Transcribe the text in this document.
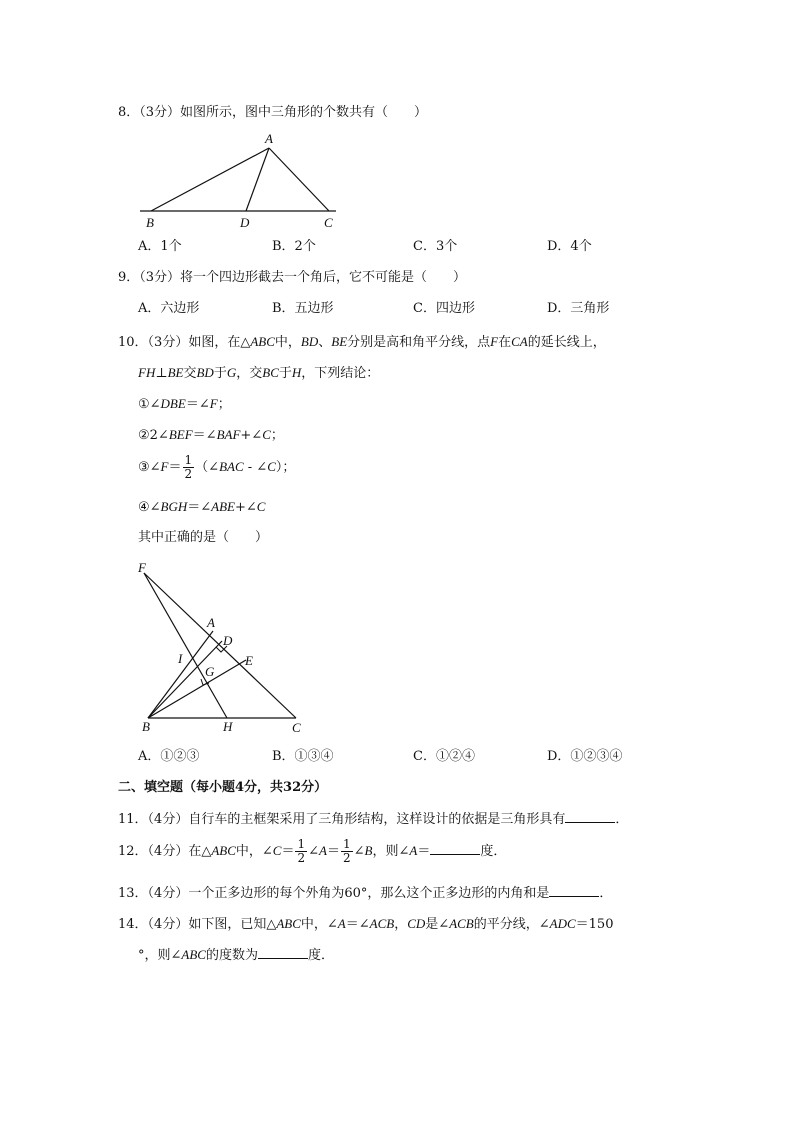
8．（3分）如图所示，图中三角形的个数共有（　　）
A
B	D	C
A．1个	B．2个	C．3个	D．4个
9．（3分）将一个四边形截去一个角后，它不可能是（　　）
A．六边形	B．五边形	C．四边形	D．三角形
10．（3分）如图，在△ABC中，BD、BE分别是高和角平分线，点F在CA的延长线上，
FH⊥BE交BD于G，交BC于H，下列结论：
①∠DBE＝∠F；
②2∠BEF＝∠BAF+∠C；
③∠F＝ $\frac{1}{2}$ （∠BAC - ∠C）；
④∠BGH＝∠ABE+∠C
其中正确的是（　　）
F
A
D
I	E
G
B	H	C
A．①②③	B．①③④	C．①②④	D．①②③④
二、填空题（每小题4分，共32分）
11．（4分）自行车的主框架采用了三角形结构，这样设计的依据是三角形具有	．
12．（4分）在△ABC中，∠C＝ $\frac{1}{2}$ ∠A＝ $\frac{1}{2}$ ∠B，则∠A＝	度．
13．（4分）一个正多边形的每个外角为60°，那么这个正多边形的内角和是	．
14．（4分）如下图，已知△ABC中，∠A＝∠ACB，CD是∠ACB的平分线，∠ADC＝150
°，则∠ABC的度数为	度．
